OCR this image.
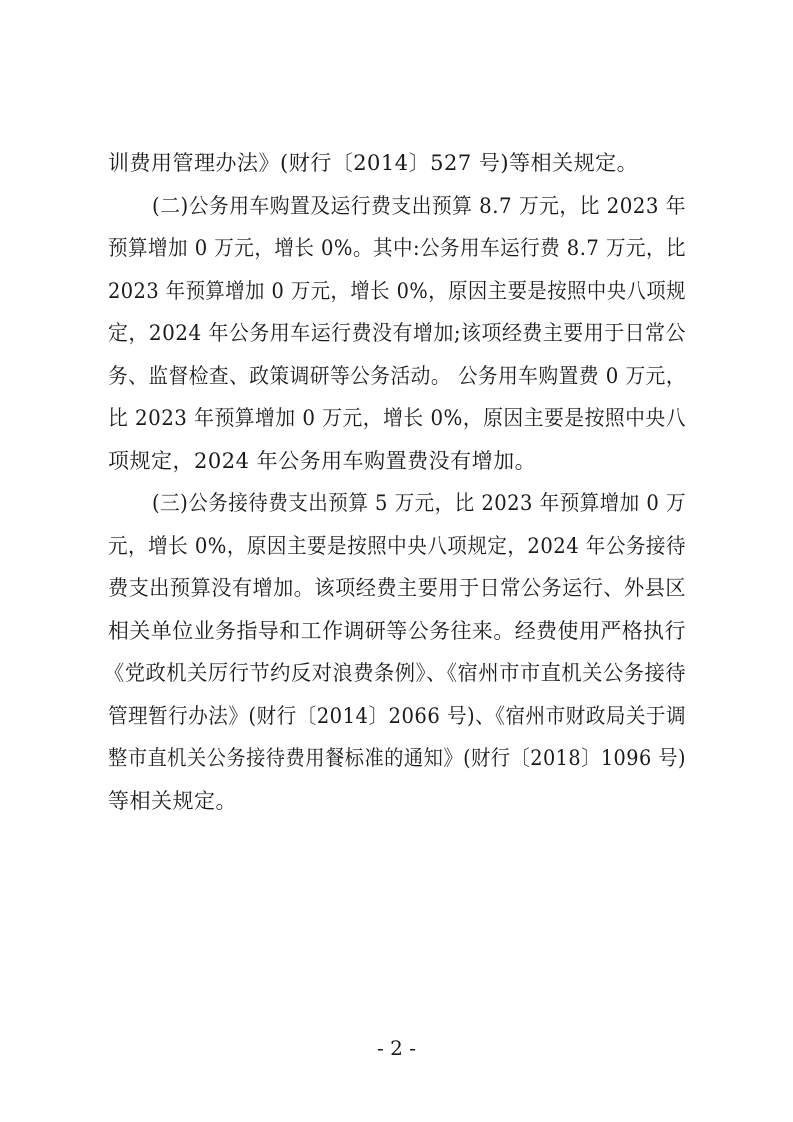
训费用管理办法》(财行〔2014〕527 号)等相关规定。
(二)公务用车购置及运行费支出预算 8.7 万元，比 2023 年
预算增加 0 万元，增长 0%。其中:公务用车运行费 8.7 万元，比
2023 年预算增加 0 万元，增长 0%，原因主要是按照中央八项规
定，2024 年公务用车运行费没有增加;该项经费主要用于日常公
务、监督检查、政策调研等公务活动。 公务用车购置费 0 万元，
比 2023 年预算增加 0 万元，增长 0%，原因主要是按照中央八
项规定，2024 年公务用车购置费没有增加。
(三)公务接待费支出预算 5 万元，比 2023 年预算增加 0 万
元，增长 0%，原因主要是按照中央八项规定，2024 年公务接待
费支出预算没有增加。该项经费主要用于日常公务运行、外县区
相关单位业务指导和工作调研等公务往来。经费使用严格执行
《党政机关厉行节约反对浪费条例》、《宿州市市直机关公务接待
管理暂行办法》(财行〔2014〕2066 号)、《宿州市财政局关于调
整市直机关公务接待费用餐标准的通知》(财行〔2018〕1096 号)
等相关规定。
- 2 -
